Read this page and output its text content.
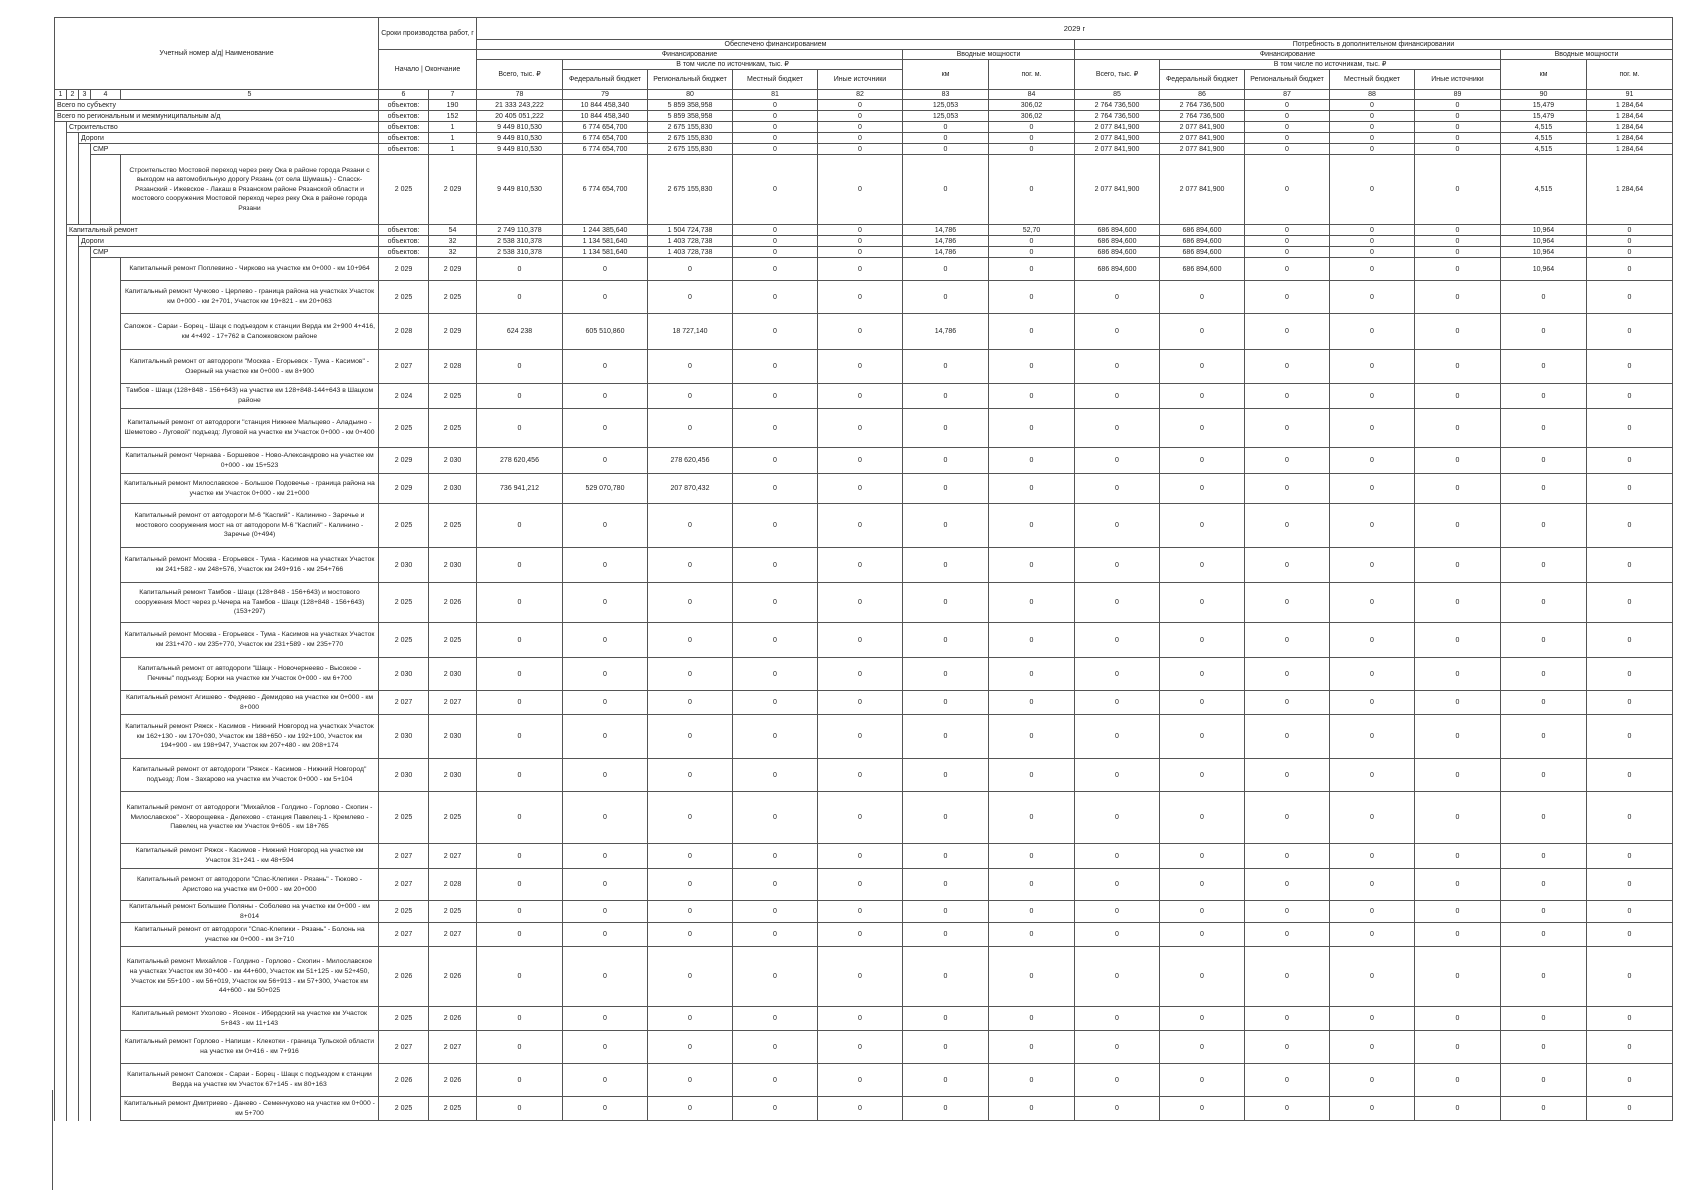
Учетный номер а/д| Наименование					Сроки производства работ, г		2029 г													
							Обеспечено финансированием							Потребность в дополнительном финансировании						
					Начало | Окончание		Финансирование					Вводные мощности		Финансирование					Вводные мощности	
							Всего, тыс. ₽	В том числе по источникам, тыс. ₽				км	пог. м.	Всего, тыс. ₽	В том числе по источникам, тыс. ₽				км	пог. м.
								Федеральный бюджет	Региональный бюджет	Местный бюджет	Иные источники				Федеральный бюджет	Региональный бюджет	Местный бюджет	Иные источники		
1	2	3	4	5	6	7	78	79	80	81	82	83	84	85	86	87	88	89	90	91
Всего по субъекту					объектов:	190	21 333 243,222	10 844 458,340	5 859 358,958	0	0	125,053	306,02	2 764 736,500	2 764 736,500	0	0	0	15,479	1 284,64
Всего по региональным и межмуниципальным а/д					объектов:	152	20 405 051,222	10 844 458,340	5 859 358,958	0	0	125,053	306,02	2 764 736,500	2 764 736,500	0	0	0	15,479	1 284,64
	Строительство				объектов:	1	9 449 810,530	6 774 654,700	2 675 155,830	0	0	0	0	2 077 841,900	2 077 841,900	0	0	0	4,515	1 284,64
		Дороги			объектов:	1	9 449 810,530	6 774 654,700	2 675 155,830	0	0	0	0	2 077 841,900	2 077 841,900	0	0	0	4,515	1 284,64
			СМР		объектов:	1	9 449 810,530	6 774 654,700	2 675 155,830	0	0	0	0	2 077 841,900	2 077 841,900	0	0	0	4,515	1 284,64
				Строительство Мостовой переход через реку Ока в районе города Рязани с выходом на автомобильную дорогу Рязань (от села Шумашь) - Спасск-Рязанский - Ижевское - Лакаш в Рязанском районе Рязанской области и мостового сооружения Мостовой переход через реку Ока в районе города Рязани	2 025	2 029	9 449 810,530	6 774 654,700	2 675 155,830	0	0	0	0	2 077 841,900	2 077 841,900	0	0	0	4,515	1 284,64
	Капитальный ремонт				объектов:	54	2 749 110,378	1 244 385,640	1 504 724,738	0	0	14,786	52,70	686 894,600	686 894,600	0	0	0	10,964	0
		Дороги			объектов:	32	2 538 310,378	1 134 581,640	1 403 728,738	0	0	14,786	0	686 894,600	686 894,600	0	0	0	10,964	0
			СМР		объектов:	32	2 538 310,378	1 134 581,640	1 403 728,738	0	0	14,786	0	686 894,600	686 894,600	0	0	0	10,964	0
				Капитальный ремонт Поплевино - Чирково на участке км 0+000 - км 10+964	2 029	2 029	0	0	0	0	0	0	0	686 894,600	686 894,600	0	0	0	10,964	0
				Капитальный ремонт Чучково - Церлево - граница района на участках Участок км 0+000 - км 2+701, Участок км 19+821 - км 20+063	2 025	2 025	0	0	0	0	0	0	0	0	0	0	0	0	0	0
				Сапожок - Сараи - Борец - Шацк с подъездом к станции Верда км 2+900 4+416, км 4+492 - 17+762 в Сапожковском районе	2 028	2 029	624 238	605 510,860	18 727,140	0	0	14,786	0	0	0	0	0	0	0	0
				Капитальный ремонт от автодороги "Москва - Егорьевск - Тума - Касимов" - Озерный на участке км 0+000 - км 8+900	2 027	2 028	0	0	0	0	0	0	0	0	0	0	0	0	0	0
				Тамбов - Шацк (128+848 - 156+643) на участке км 128+848-144+643 в Шацком районе	2 024	2 025	0	0	0	0	0	0	0	0	0	0	0	0	0	0
				Капитальный ремонт от автодороги "станция Нижнее Мальцево - Аладьино - Шеметово - Луговой" подъезд: Луговой на участке км Участок 0+000 - км 0+400	2 025	2 025	0	0	0	0	0	0	0	0	0	0	0	0	0	0
				Капитальный ремонт Чернава - Боршевое - Ново-Александрово на участке км 0+000 - км 15+523	2 029	2 030	278 620,456	0	278 620,456	0	0	0	0	0	0	0	0	0	0	0
				Капитальный ремонт Милославское - Большое Подовечье - граница района на участке км Участок 0+000 - км 21+000	2 029	2 030	736 941,212	529 070,780	207 870,432	0	0	0	0	0	0	0	0	0	0	0
				Капитальный ремонт от автодороги М-6 "Каспий" - Калинино - Заречье и мостового сооружения мост на от автодороги М-6 "Каспий" - Калинино - Заречье (0+494)	2 025	2 025	0	0	0	0	0	0	0	0	0	0	0	0	0	0
				Капитальный ремонт Москва - Егорьевск - Тума - Касимов на участках Участок км 241+582 - км 248+576, Участок км 249+916 - км 254+766	2 030	2 030	0	0	0	0	0	0	0	0	0	0	0	0	0	0
				Капитальный ремонт Тамбов - Шацк (128+848 - 156+643) и мостового сооружения Мост через р.Чечера на Тамбов - Шацк (128+848 - 156+643) (153+297)	2 025	2 026	0	0	0	0	0	0	0	0	0	0	0	0	0	0
				Капитальный ремонт Москва - Егорьевск - Тума - Касимов на участках Участок км 231+470 - км 235+770, Участок км 231+589 - км 235+770	2 025	2 025	0	0	0	0	0	0	0	0	0	0	0	0	0	0
				Капитальный ремонт от автодороги "Шацк - Новочернеево - Высокое - Печины" подъезд: Борки на участке км Участок 0+000 - км 6+700	2 030	2 030	0	0	0	0	0	0	0	0	0	0	0	0	0	0
				Капитальный ремонт Агишево - Федяево - Демидово на участке км 0+000 - км 8+000	2 027	2 027	0	0	0	0	0	0	0	0	0	0	0	0	0	0
				Капитальный ремонт Ряжск - Касимов - Нижний Новгород на участках Участок км 162+130 - км 170+030, Участок км 188+650 - км 192+100, Участок км 194+900 - км 198+947, Участок км 207+480 - км 208+174	2 030	2 030	0	0	0	0	0	0	0	0	0	0	0	0	0	0
				Капитальный ремонт от автодороги "Ряжск - Касимов - Нижний Новгород" подъезд: Лом - Захарово на участке км Участок 0+000 - км 5+104	2 030	2 030	0	0	0	0	0	0	0	0	0	0	0	0	0	0
				Капитальный ремонт от автодороги "Михайлов - Голдино - Горлово - Скопин - Милославское" - Хворощевка - Делехово - станция Павелец-1 - Кремлево - Павелец на участке км Участок 9+605 - км 18+765	2 025	2 025	0	0	0	0	0	0	0	0	0	0	0	0	0	0
				Капитальный ремонт Ряжск - Касимов - Нижний Новгород на участке км Участок 31+241 - км 48+594	2 027	2 027	0	0	0	0	0	0	0	0	0	0	0	0	0	0
				Капитальный ремонт от автодороги "Спас-Клепики - Рязань" - Тюково - Аристово на участке км 0+000 - км 20+000	2 027	2 028	0	0	0	0	0	0	0	0	0	0	0	0	0	0
				Капитальный ремонт Большие Поляны - Соболево на участке км 0+000 - км 8+014	2 025	2 025	0	0	0	0	0	0	0	0	0	0	0	0	0	0
				Капитальный ремонт от автодороги "Спас-Клепики - Рязань" - Болонь на участке км 0+000 - км 3+710	2 027	2 027	0	0	0	0	0	0	0	0	0	0	0	0	0	0
				Капитальный ремонт Михайлов - Голдино - Горлово - Скопин - Милославское на участках Участок км 30+400 - км 44+600, Участок км 51+125 - км 52+450, Участок км 55+100 - км 56+019, Участок км 56+913 - км 57+300, Участок км 44+600 - км 50+025	2 026	2 026	0	0	0	0	0	0	0	0	0	0	0	0	0	0
				Капитальный ремонт Ухолово - Ясенок - Ибердский на участке км Участок 5+843 - км 11+143	2 025	2 026	0	0	0	0	0	0	0	0	0	0	0	0	0	0
				Капитальный ремонт Горлово - Напиши - Клекотки - граница Тульской области на участке км 0+416 - км 7+916	2 027	2 027	0	0	0	0	0	0	0	0	0	0	0	0	0	0
				Капитальный ремонт Сапожок - Сараи - Борец - Шацк с подъездом к станции Верда на участке км Участок 67+145 - км 80+163	2 026	2 026	0	0	0	0	0	0	0	0	0	0	0	0	0	0
				Капитальный ремонт Дмитриево - Данево - Семенчуково на участке км 0+000 - км 5+700	2 025	2 025	0	0	0	0	0	0	0	0	0	0	0	0	0	0
